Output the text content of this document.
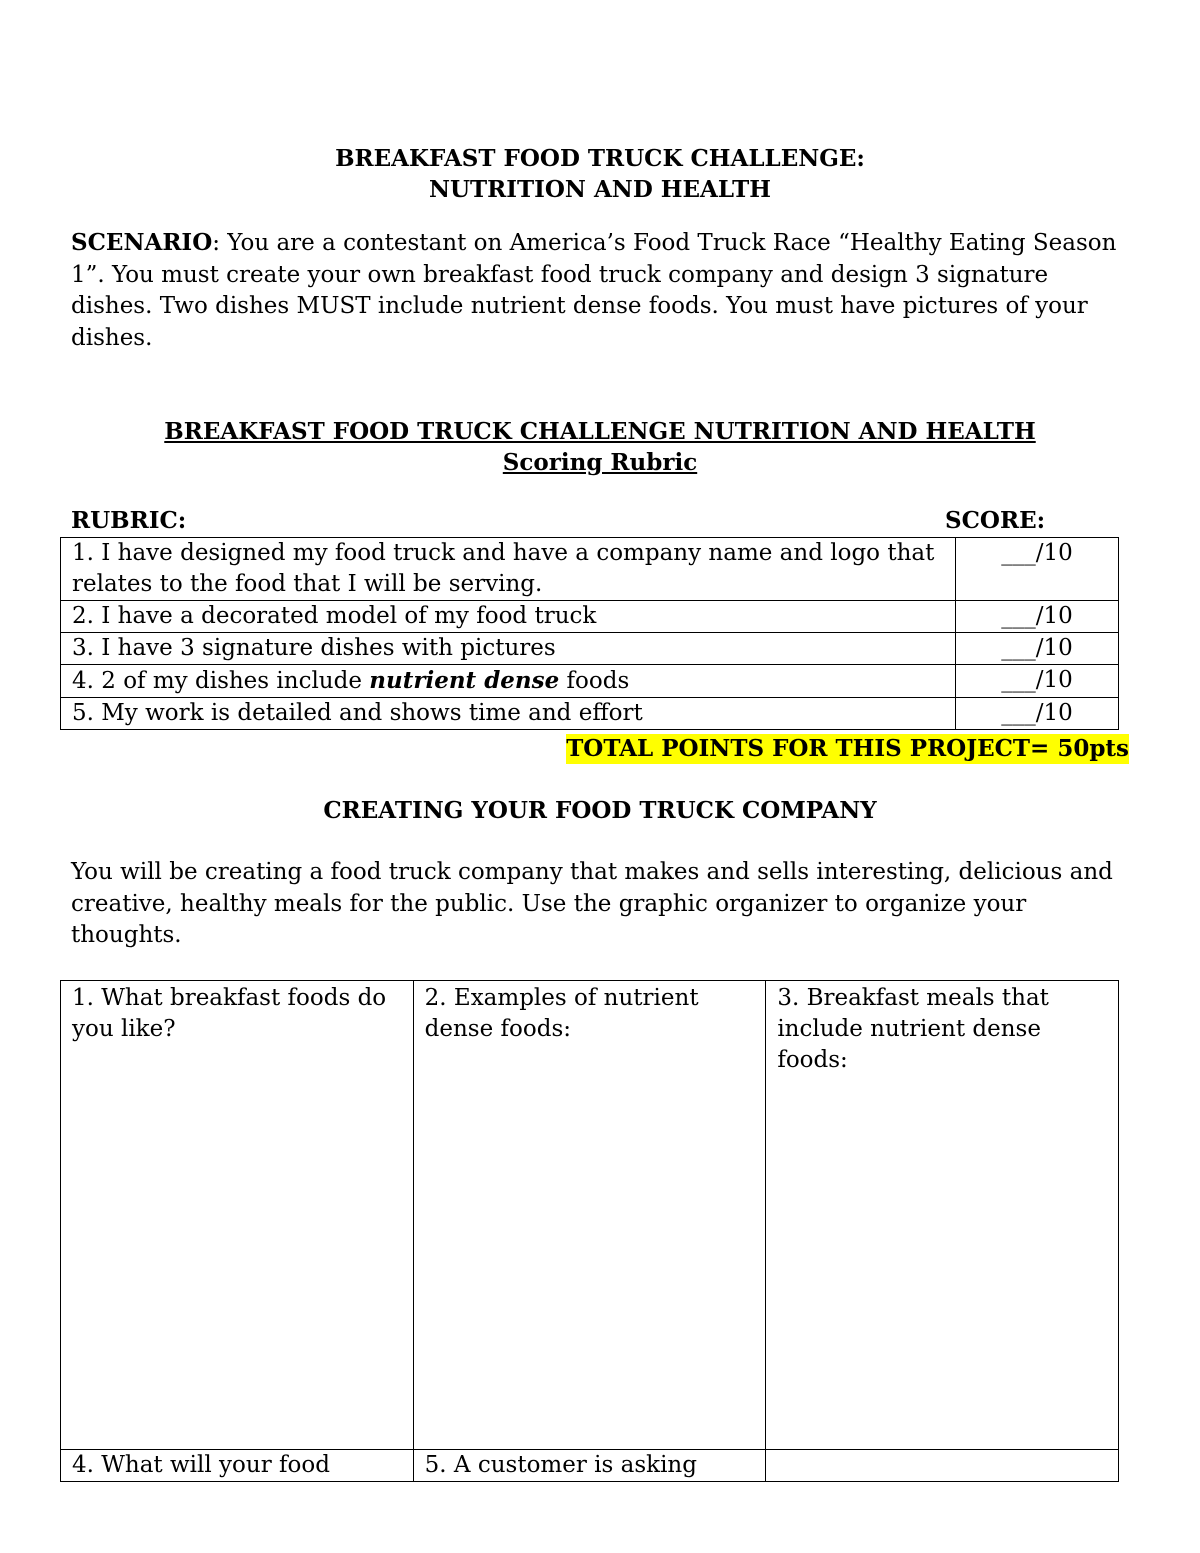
BREAKFAST FOOD TRUCK CHALLENGE:
NUTRITION AND HEALTH
SCENARIO: You are a contestant on America’s Food Truck Race “Healthy Eating Season 1”. You must create your own breakfast food truck company and design 3 signature dishes. Two dishes MUST include nutrient dense foods. You must have pictures of your dishes.
BREAKFAST FOOD TRUCK CHALLENGE NUTRITION AND HEALTH
Scoring Rubric
RUBRIC:	SCORE:
1. I have designed my food truck and have a company name and logo that relates to the food that I will be serving.	___/10
2. I have a decorated model of my food truck	___/10
3. I have 3 signature dishes with pictures	___/10
4. 2 of my dishes include nutrient dense foods	___/10
5. My work is detailed and shows time and effort	___/10
TOTAL POINTS FOR THIS PROJECT= 50pts
CREATING YOUR FOOD TRUCK COMPANY
You will be creating a food truck company that makes and sells interesting, delicious and creative, healthy meals for the public. Use the graphic organizer to organize your thoughts.
1. What breakfast foods do you like?	2. Examples of nutrient dense foods:	3. Breakfast meals that include nutrient dense foods:
4. What will your food	5. A customer is asking	
